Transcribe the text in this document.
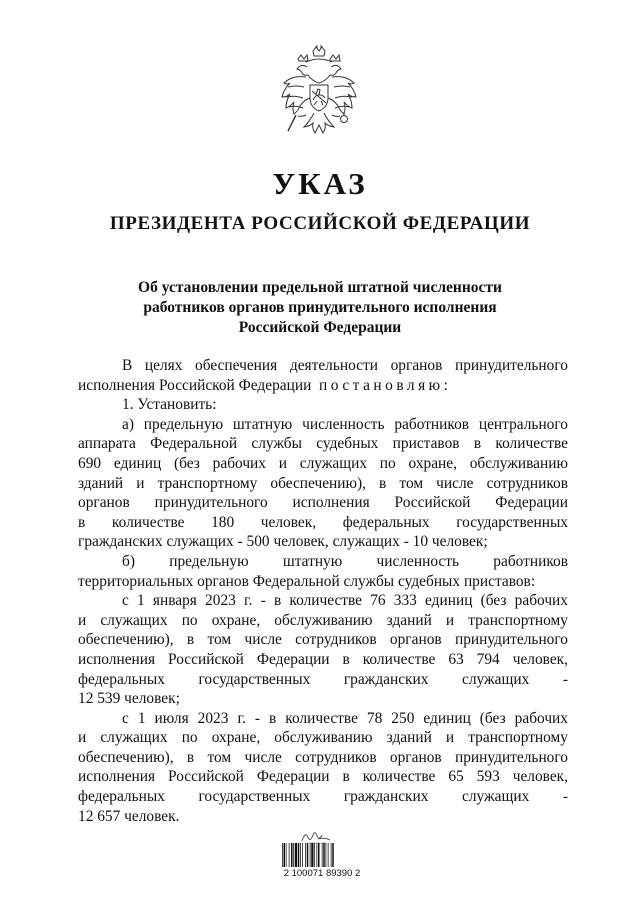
УКАЗ
ПРЕЗИДЕНТА РОССИЙСКОЙ ФЕДЕРАЦИИ
Об установлении предельной штатной численности
работников органов принудительного исполнения
Российской Федерации
В целях обеспечения деятельности органов принудительного
исполнения Российской Федерации постановляю:
1. Установить:
а) предельную штатную численность работников центрального
аппарата Федеральной службы судебных приставов в количестве
690 единиц (без рабочих и служащих по охране, обслуживанию
зданий и транспортному обеспечению), в том числе сотрудников
органов принудительного исполнения Российской Федерации
в количестве 180 человек, федеральных государственных
гражданских служащих - 500 человек, служащих - 10 человек;
б) предельную штатную численность работников
территориальных органов Федеральной службы судебных приставов:
с 1 января 2023 г. - в количестве 76 333 единиц (без рабочих
и служащих по охране, обслуживанию зданий и транспортному
обеспечению), в том числе сотрудников органов принудительного
исполнения Российской Федерации в количестве 63 794 человек,
федеральных государственных гражданских служащих -
12 539 человек;
с 1 июля 2023 г. - в количестве 78 250 единиц (без рабочих
и служащих по охране, обслуживанию зданий и транспортному
обеспечению), в том числе сотрудников органов принудительного
исполнения Российской Федерации в количестве 65 593 человек,
федеральных государственных гражданских служащих -
12 657 человек.
2 100071 89390 2
